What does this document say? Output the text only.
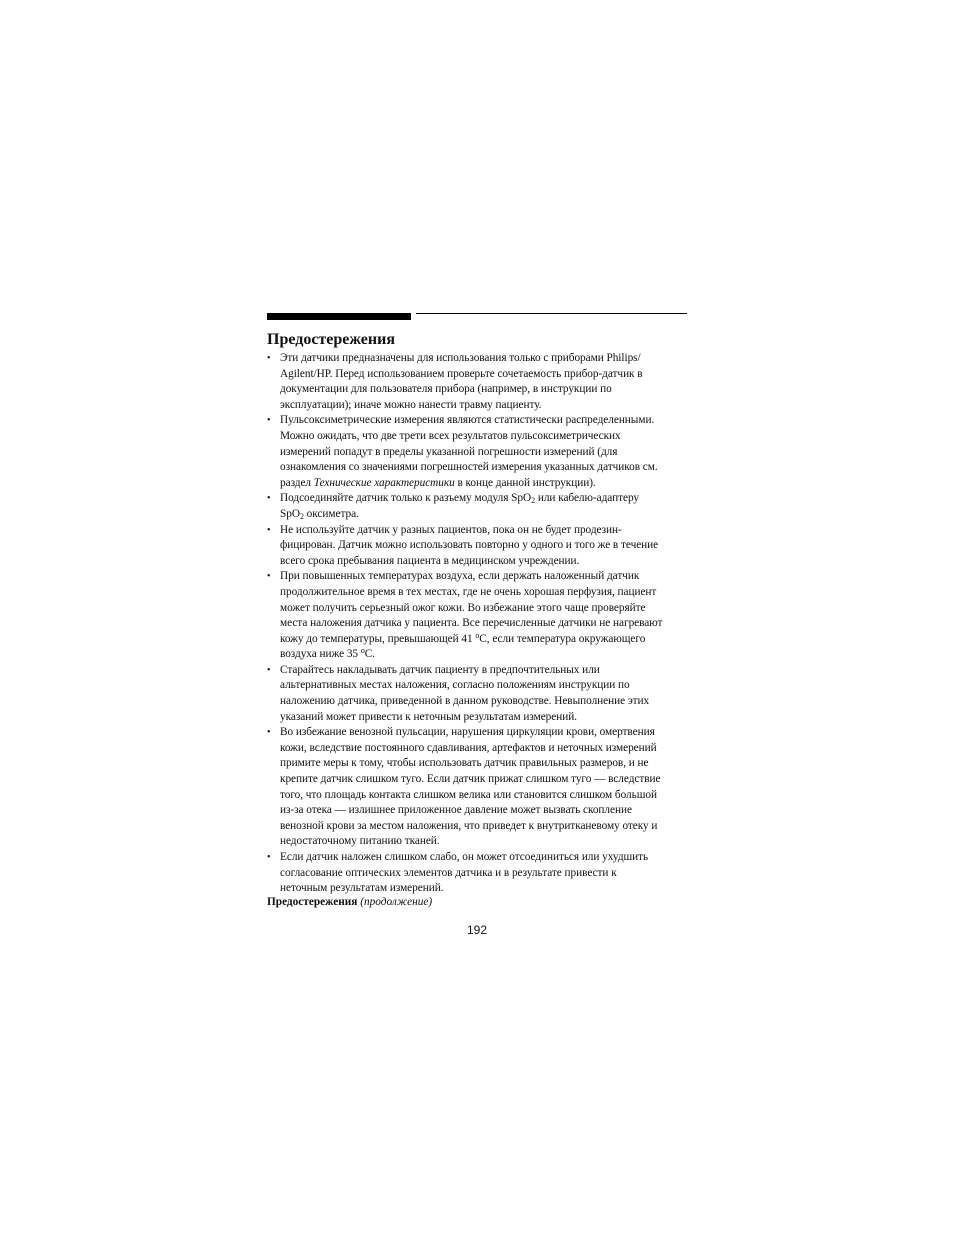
Предостережения
• Эти датчики предназначены для использования только с приборами Philips/
Agilent/HP. Перед использованием проверьте сочетаемость прибор-датчик в
документации для пользователя прибора (например, в инструкции по
эксплуатации); иначе можно нанести травму пациенту.
• Пульсоксиметрические измерения являются статистически распределенными.
Можно ожидать, что две трети всех результатов пульсоксиметрических
измерений попадут в пределы указанной погрешности измерений (для
ознакомления со значениями погрешностей измерения указанных датчиков см.
раздел Технические характеристики в конце данной инструкции).
• Подсоединяйте датчик только к разъему модуля SpO$_2$ или кабелю-адаптеру
SpO$_2$ оксиметра.
• Не используйте датчик у разных пациентов, пока он не будет продезин-
фицирован. Датчик можно использовать повторно у одного и того же в течение
всего срока пребывания пациента в медицинском учреждении.
• При повышенных температурах воздуха, если держать наложенный датчик
продолжительное время в тех местах, где не очень хорошая перфузия, пациент
может получить серьезный ожог кожи. Во избежание этого чаще проверяйте
места наложения датчика у пациента. Все перечисленные датчики не нагревают
кожу до температуры, превышающей 41 $^o$C, если температура окружающего
воздуха ниже 35 $^o$C.
• Старайтесь накладывать датчик пациенту в предпочтительных или
альтернативных местах наложения, согласно положениям инструкции по
наложению датчика, приведенной в данном руководстве. Невыполнение этих
указаний может привести к неточным результатам измерений.
• Во избежание венозной пульсации, нарушения циркуляции крови, омертвения
кожи, вследствие постоянного сдавливания, артефактов и неточных измерений
примите меры к тому, чтобы использовать датчик правильных размеров, и не
крепите датчик слишком туго. Если датчик прижат слишком туго — вследствие
того, что площадь контакта слишком велика или становится слишком большой
из-за отека — излишнее приложенное давление может вызвать скопление
венозной крови за местом наложения, что приведет к внутритканевому отеку и
недостаточному питанию тканей.
• Если датчик наложен слишком слабо, он может отсоединиться или ухудшить
согласование оптических элементов датчика и в результате привести к
неточным результатам измерений.
Предостережения (продолжение)
192
